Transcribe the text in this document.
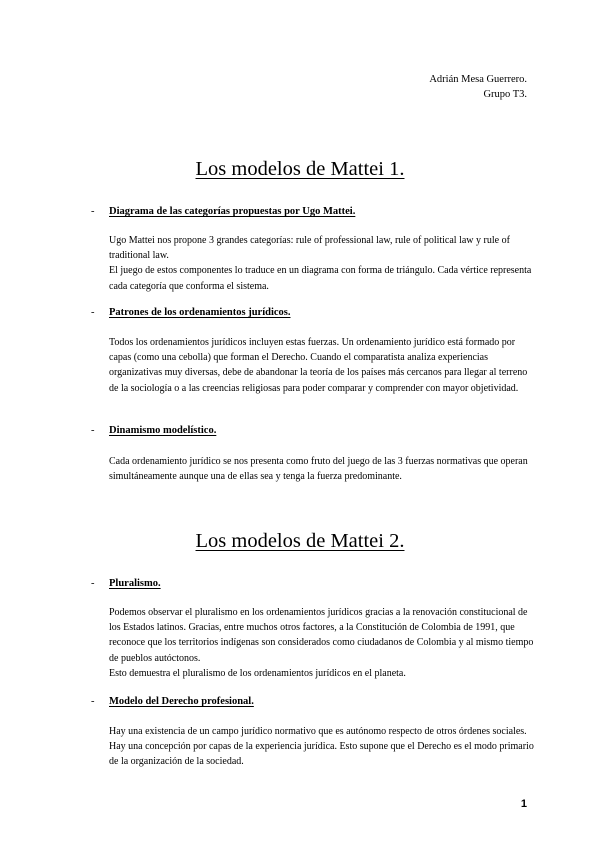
Adrián Mesa Guerrero.
Grupo T3.
Los modelos de Mattei 1.
- Diagrama de las categorías propuestas por Ugo Mattei.

Ugo Mattei nos propone 3 grandes categorías: rule of professional law, rule of political law y rule of traditional law.

El juego de estos componentes lo traduce en un diagrama con forma de triángulo. Cada vértice representa cada categoría que conforma el sistema.

- Patrones de los ordenamientos jurídicos.

Todos los ordenamientos jurídicos incluyen estas fuerzas. Un ordenamiento jurídico está formado por capas (como una cebolla) que forman el Derecho. Cuando el comparatista analiza experiencias organizativas muy diversas, debe de abandonar la teoría de los países más cercanos para llegar al terreno de la sociología o a las creencias religiosas para poder comparar y comprender con mayor objetividad.

- Dinamismo modelístico.

Cada ordenamiento jurídico se nos presenta como fruto del juego de las 3 fuerzas normativas que operan simultáneamente aunque una de ellas sea y tenga la fuerza predominante.

Los modelos de Mattei 2.
- Pluralismo.

Podemos observar el pluralismo en los ordenamientos jurídicos gracias a la renovación constitucional de los Estados latinos. Gracias, entre muchos otros factores, a la Constitución de Colombia de 1991, que reconoce que los territorios indígenas son considerados como ciudadanos de Colombia y al mismo tiempo de pueblos autóctonos.

Esto demuestra el pluralismo de los ordenamientos jurídicos en el planeta.

- Modelo del Derecho profesional.

Hay una existencia de un campo jurídico normativo que es autónomo respecto de otros órdenes sociales. Hay una concepción por capas de la experiencia jurídica. Esto supone que el Derecho es el modo primario de la organización de la sociedad.

1
